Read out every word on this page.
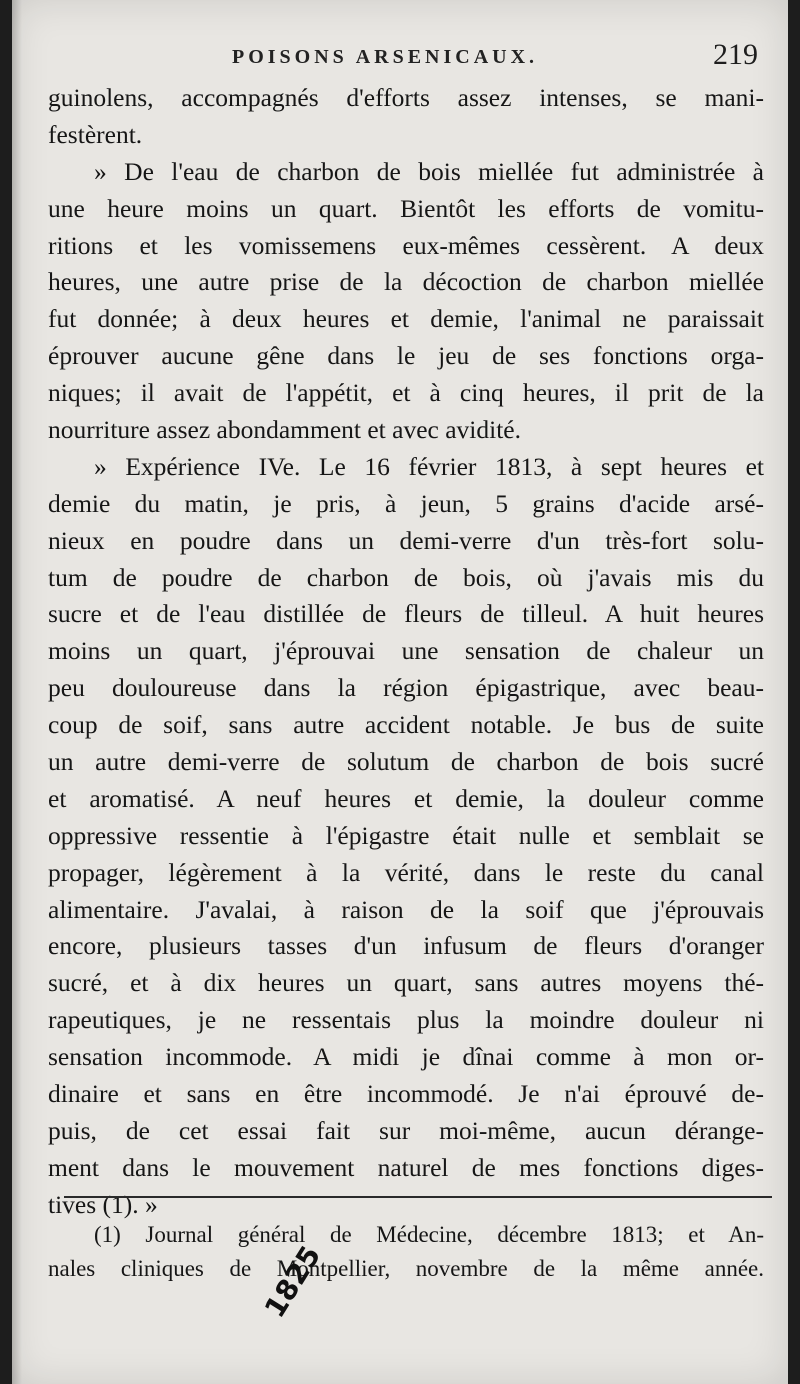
POISONS ARSENICAUX.	219
guinolens, accompagnés d'efforts assez intenses, se mani-
festèrent.
» De l'eau de charbon de bois miellée fut administrée à
une heure moins un quart. Bientôt les efforts de vomitu-
ritions et les vomissemens eux-mêmes cessèrent. A deux
heures, une autre prise de la décoction de charbon miellée
fut donnée; à deux heures et demie, l'animal ne paraissait
éprouver aucune gêne dans le jeu de ses fonctions orga-
niques; il avait de l'appétit, et à cinq heures, il prit de la
nourriture assez abondamment et avec avidité.
» Expérience IVe. Le 16 février 1813, à sept heures et
demie du matin, je pris, à jeun, 5 grains d'acide arsé-
nieux en poudre dans un demi-verre d'un très-fort solu-
tum de poudre de charbon de bois, où j'avais mis du
sucre et de l'eau distillée de fleurs de tilleul. A huit heures
moins un quart, j'éprouvai une sensation de chaleur un
peu douloureuse dans la région épigastrique, avec beau-
coup de soif, sans autre accident notable. Je bus de suite
un autre demi-verre de solutum de charbon de bois sucré
et aromatisé. A neuf heures et demie, la douleur comme
oppressive ressentie à l'épigastre était nulle et semblait se
propager, légèrement à la vérité, dans le reste du canal
alimentaire. J'avalai, à raison de la soif que j'éprouvais
encore, plusieurs tasses d'un infusum de fleurs d'oranger
sucré, et à dix heures un quart, sans autres moyens thé-
rapeutiques, je ne ressentais plus la moindre douleur ni
sensation incommode. A midi je dînai comme à mon or-
dinaire et sans en être incommodé. Je n'ai éprouvé de-
puis, de cet essai fait sur moi-même, aucun dérange-
ment dans le mouvement naturel de mes fonctions diges-
tives (1). »
(1) Journal général de Médecine, décembre 1813; et An-
nales cliniques de Montpellier, novembre de la même année.
1825
